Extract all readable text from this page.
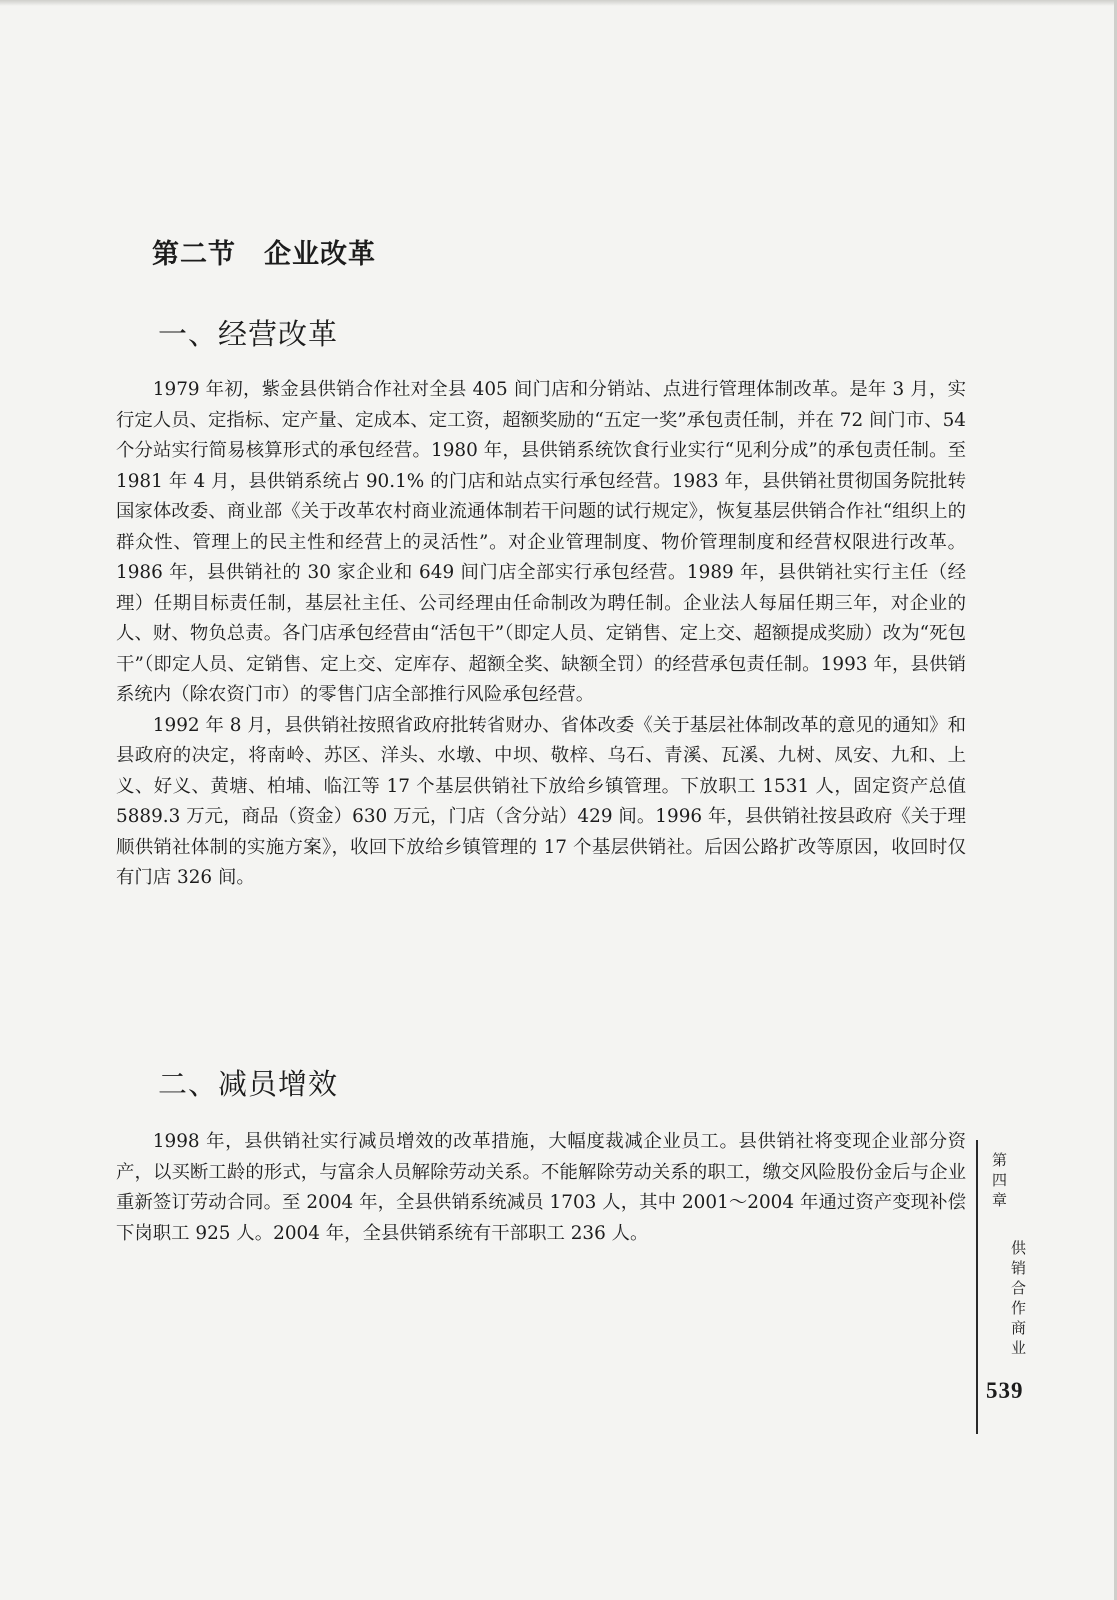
第二节　企业改革
一、经营改革

1979 年初，紫金县供销合作社对全县 405 间门店和分销站、点进行管理体制改革。是年 3 月，实行定人员、定指标、定产量、定成本、定工资，超额奖励的“五定一奖”承包责任制，并在 72 间门市、54 个分站实行简易核算形式的承包经营。1980 年，县供销系统饮食行业实行“见利分成”的承包责任制。至 1981 年 4 月，县供销系统占 90.1% 的门店和站点实行承包经营。1983 年，县供销社贯彻国务院批转国家体改委、商业部《关于改革农村商业流通体制若干问题的试行规定》，恢复基层供销合作社“组织上的群众性、管理上的民主性和经营上的灵活性”。对企业管理制度、物价管理制度和经营权限进行改革。1986 年，县供销社的 30 家企业和 649 间门店全部实行承包经营。1989 年，县供销社实行主任（经理）任期目标责任制，基层社主任、公司经理由任命制改为聘任制。企业法人每届任期三年，对企业的人、财、物负总责。各门店承包经营由“活包干”（即定人员、定销售、定上交、超额提成奖励）改为“死包干”（即定人员、定销售、定上交、定库存、超额全奖、缺额全罚）的经营承包责任制。1993 年，县供销系统内（除农资门市）的零售门店全部推行风险承包经营。

1992 年 8 月，县供销社按照省政府批转省财办、省体改委《关于基层社体制改革的意见的通知》和县政府的决定，将南岭、苏区、洋头、水墩、中坝、敬梓、乌石、青溪、瓦溪、九树、凤安、九和、上义、好义、黄塘、柏埔、临江等 17 个基层供销社下放给乡镇管理。下放职工 1531 人，固定资产总值 5889.3 万元，商品（资金）630 万元，门店（含分站）429 间。1996 年，县供销社按县政府《关于理顺供销社体制的实施方案》，收回下放给乡镇管理的 17 个基层供销社。后因公路扩改等原因，收回时仅有门店 326 间。

二、减员增效

1998 年，县供销社实行减员增效的改革措施，大幅度裁减企业员工。县供销社将变现企业部分资产，以买断工龄的形式，与富余人员解除劳动关系。不能解除劳动关系的职工，缴交风险股份金后与企业重新签订劳动合同。至 2004 年，全县供销系统减员 1703 人，其中 2001～2004 年通过资产变现补偿下岗职工 925 人。2004 年，全县供销系统有干部职工 236 人。

第四章
供销合作商业
539
